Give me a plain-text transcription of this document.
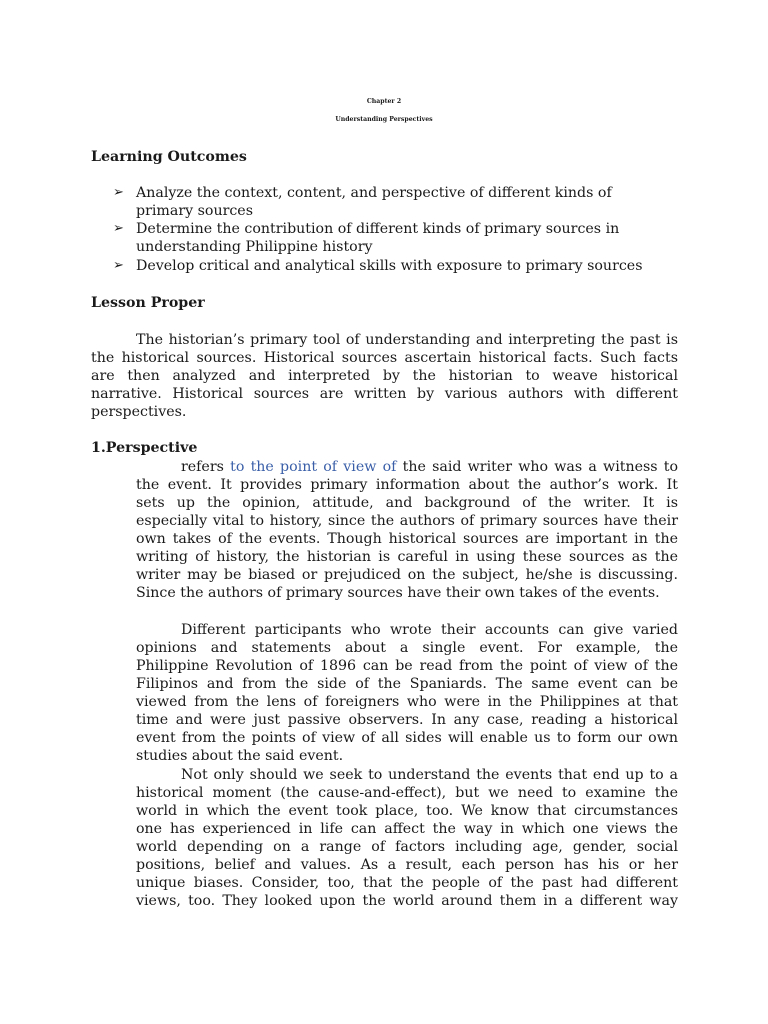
Chapter 2
Understanding Perspectives
Learning Outcomes
➢ Analyze the context, content, and perspective of different kinds of
primary sources
➢ Determine the contribution of different kinds of primary sources in
understanding Philippine history
➢ Develop critical and analytical skills with exposure to primary sources
Lesson Proper
The historian’s primary tool of understanding and interpreting the past is
the historical sources. Historical sources ascertain historical facts. Such facts
are then analyzed and interpreted by the historian to weave historical
narrative. Historical sources are written by various authors with different
perspectives.
1.Perspective
refers to the point of view of the said writer who was a witness to
the event. It provides primary information about the author’s work. It
sets up the opinion, attitude, and background of the writer. It is
especially vital to history, since the authors of primary sources have their
own takes of the events. Though historical sources are important in the
writing of history, the historian is careful in using these sources as the
writer may be biased or prejudiced on the subject, he/she is discussing.
Since the authors of primary sources have their own takes of the events.
Different participants who wrote their accounts can give varied
opinions and statements about a single event. For example, the
Philippine Revolution of 1896 can be read from the point of view of the
Filipinos and from the side of the Spaniards. The same event can be
viewed from the lens of foreigners who were in the Philippines at that
time and were just passive observers. In any case, reading a historical
event from the points of view of all sides will enable us to form our own
studies about the said event.
Not only should we seek to understand the events that end up to a
historical moment (the cause-and-effect), but we need to examine the
world in which the event took place, too. We know that circumstances
one has experienced in life can affect the way in which one views the
world depending on a range of factors including age, gender, social
positions, belief and values. As a result, each person has his or her
unique biases. Consider, too, that the people of the past had different
views, too. They looked upon the world around them in a different way
